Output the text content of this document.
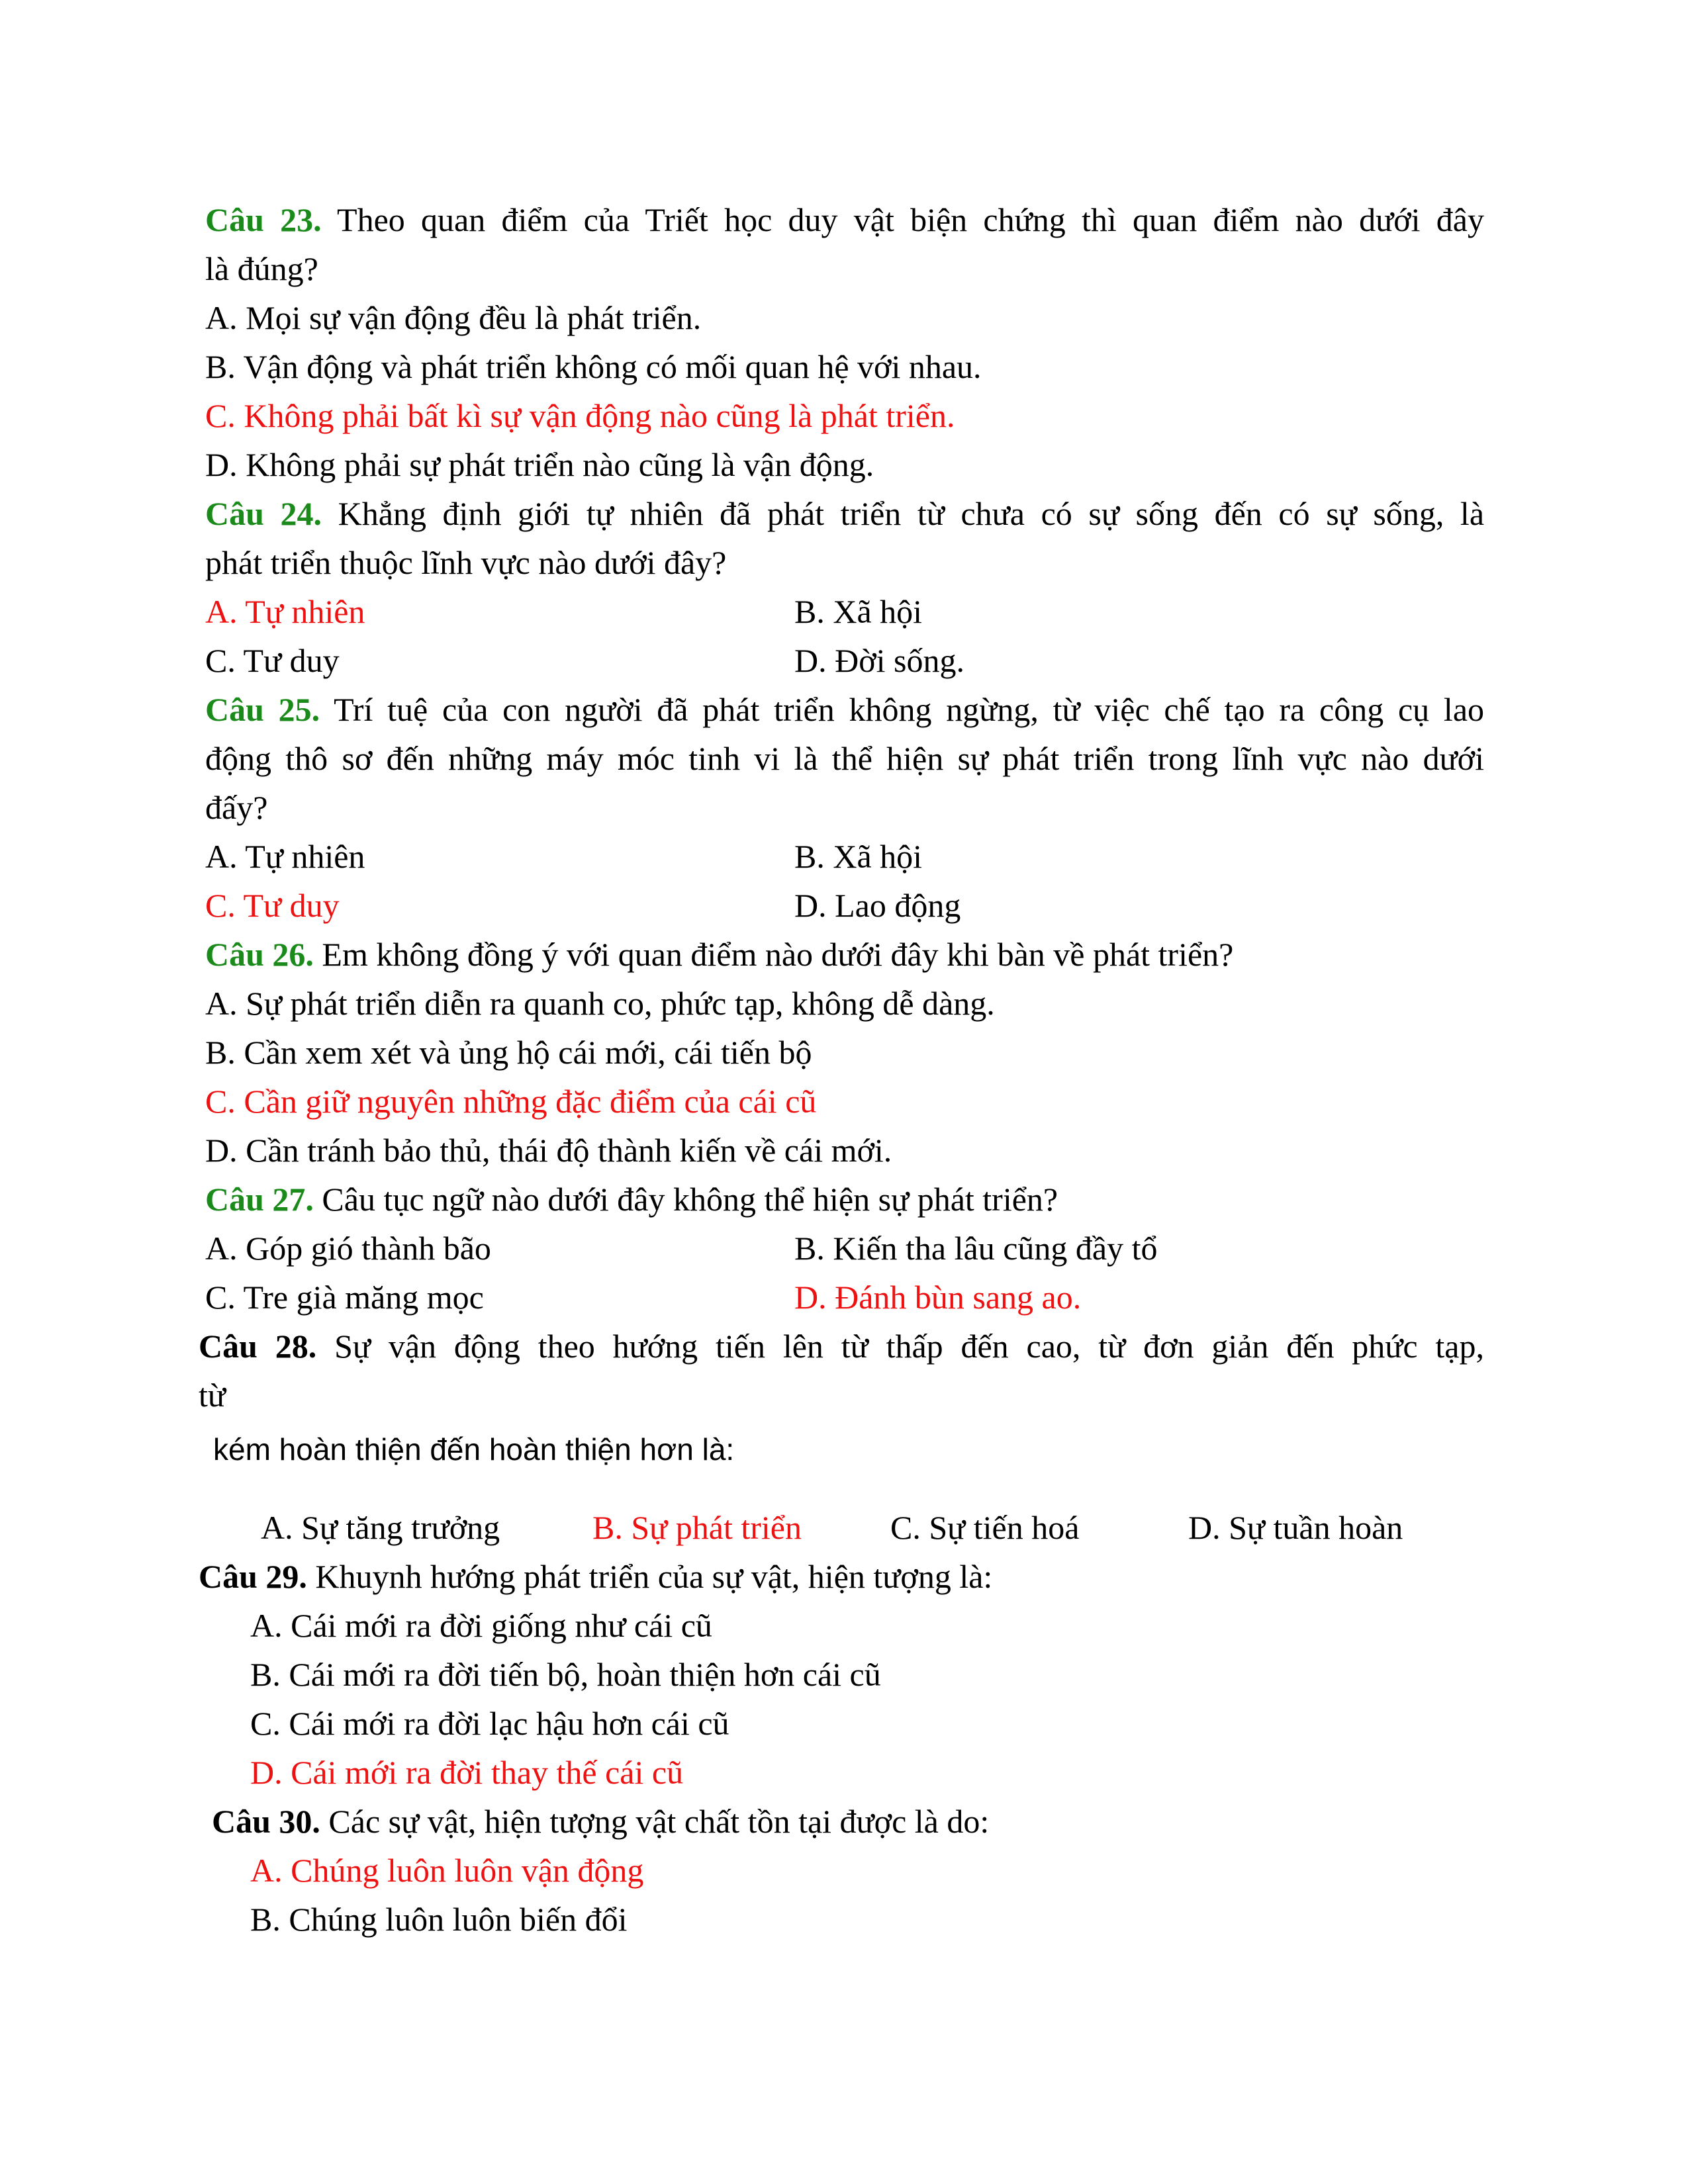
Câu 23. Theo quan điểm của Triết học duy vật biện chứng thì quan điểm nào dưới đây
là đúng?
A. Mọi sự vận động đều là phát triển.
B. Vận động và phát triển không có mối quan hệ với nhau.
C. Không phải bất kì sự vận động nào cũng là phát triển.
D. Không phải sự phát triển nào cũng là vận động.
Câu 24. Khẳng định giới tự nhiên đã phát triển từ chưa có sự sống đến có sự sống, là
phát triển thuộc lĩnh vực nào dưới đây?
A. Tự nhiên	B. Xã hội
C. Tư duy	D. Đời sống.
Câu 25. Trí tuệ của con người đã phát triển không ngừng, từ việc chế tạo ra công cụ lao
động thô sơ đến những máy móc tinh vi là thể hiện sự phát triển trong lĩnh vực nào dưới
đấy?
A. Tự nhiên	B. Xã hội
C. Tư duy	D. Lao động
Câu 26. Em không đồng ý với quan điểm nào dưới đây khi bàn về phát triển?
A. Sự phát triển diễn ra quanh co, phức tạp, không dễ dàng.
B. Cần xem xét và ủng hộ cái mới, cái tiến bộ
C. Cần giữ nguyên những đặc điểm của cái cũ
D. Cần tránh bảo thủ, thái độ thành kiến về cái mới.
Câu 27. Câu tục ngữ nào dưới đây không thể hiện sự phát triển?
A. Góp gió thành bão	B. Kiến tha lâu cũng đầy tổ
C. Tre già măng mọc	D. Đánh bùn sang ao.
Câu 28. Sự vận động theo hướng tiến lên từ thấp đến cao, từ đơn giản đến phức tạp,
từ
kém hoàn thiện đến hoàn thiện hơn là:
A. Sự tăng trưởng	B. Sự phát triển	C. Sự tiến hoá	D. Sự tuần hoàn
Câu 29. Khuynh hướng phát triển của sự vật, hiện tượng là:
A. Cái mới ra đời giống như cái cũ
B. Cái mới ra đời tiến bộ, hoàn thiện hơn cái cũ
C. Cái mới ra đời lạc hậu hơn cái cũ
D. Cái mới ra đời thay thế cái cũ
Câu 30. Các sự vật, hiện tượng vật chất tồn tại được là do:
A. Chúng luôn luôn vận động
B. Chúng luôn luôn biến đổi
